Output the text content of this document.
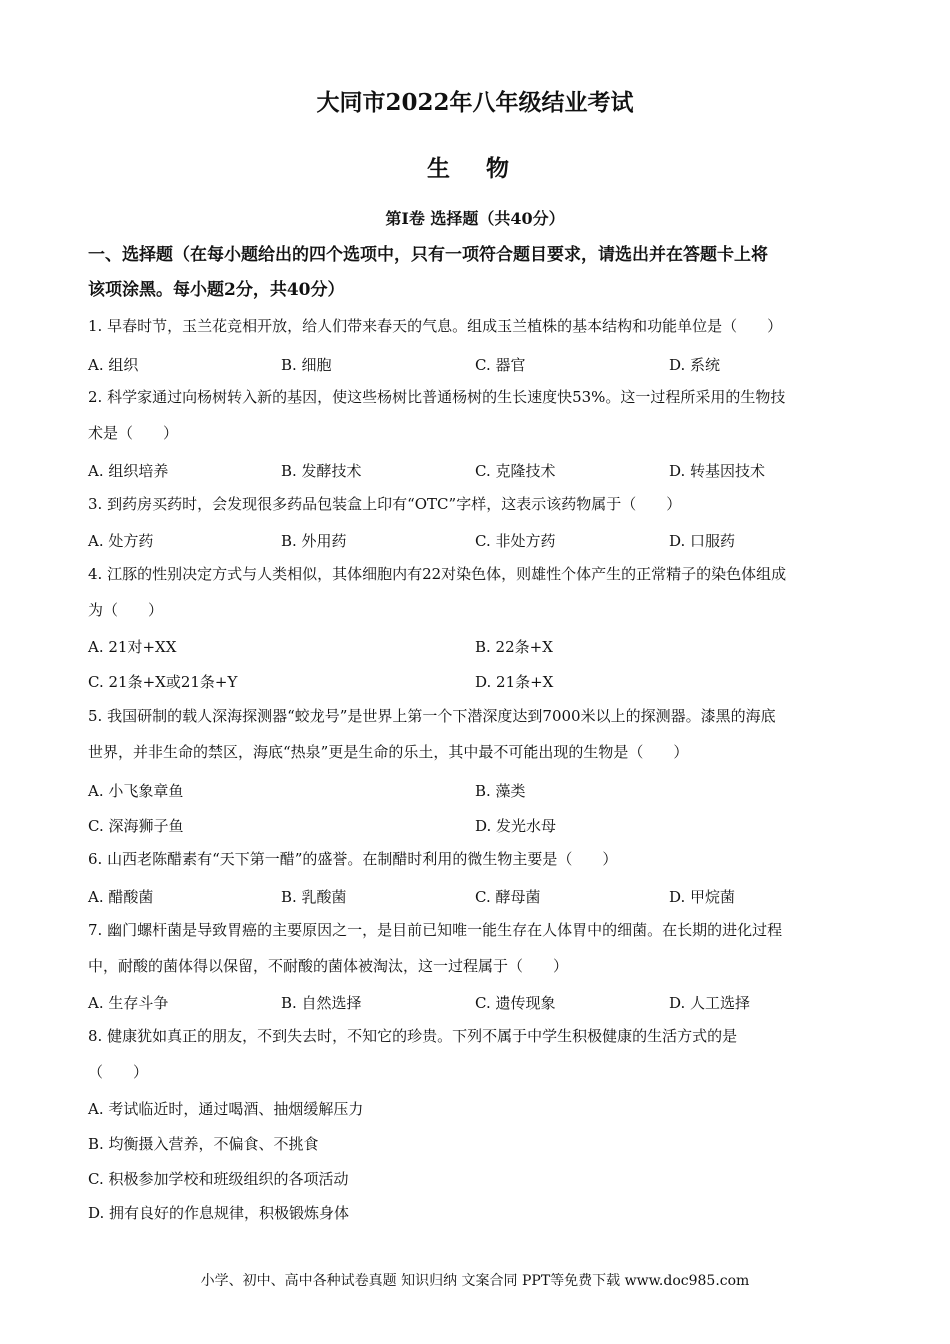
大同市2022年八年级结业考试
生 物
第Ⅰ卷 选择题（共40分）
一、选择题（在每小题给出的四个选项中，只有一项符合题目要求，请选出并在答题卡上将
该项涂黑。每小题2分，共40分）
1. 早春时节，玉兰花竞相开放，给人们带来春天的气息。组成玉兰植株的基本结构和功能单位是（　　）
A. 组织	B. 细胞	C. 器官	D. 系统
2. 科学家通过向杨树转入新的基因，使这些杨树比普通杨树的生长速度快53%。这一过程所采用的生物技
术是（　　）
A. 组织培养	B. 发酵技术	C. 克隆技术	D. 转基因技术
3. 到药房买药时，会发现很多药品包装盒上印有“OTC”字样，这表示该药物属于（　　）
A. 处方药	B. 外用药	C. 非处方药	D. 口服药
4. 江豚的性别决定方式与人类相似，其体细胞内有22对染色体，则雄性个体产生的正常精子的染色体组成
为（　　）
A. 21对+XX	B. 22条+X
C. 21条+X或21条+Y	D. 21条+X
5. 我国研制的载人深海探测器“蛟龙号”是世界上第一个下潜深度达到7000米以上的探测器。漆黑的海底
世界，并非生命的禁区，海底“热泉”更是生命的乐土，其中最不 ·可 ·能 ·出现的生物是（　　）
A. 小飞象章鱼	B. 藻类
C. 深海狮子鱼	D. 发光水母
6. 山西老陈醋素有“天下第一醋”的盛誉。在制醋时利用的微生物主要是（　　）
A. 醋酸菌	B. 乳酸菌	C. 酵母菌	D. 甲烷菌
7. 幽门螺杆菌是导致胃癌的主要原因之一，是目前已知唯一能生存在人体胃中的细菌。在长期的进化过程
中，耐酸的菌体得以保留，不耐酸的菌体被淘汰，这一过程属于（　　）
A. 生存斗争	B. 自然选择	C. 遗传现象	D. 人工选择
8. 健康犹如真正的朋友，不到失去时，不知它的珍贵。下列不 ·属 ·于 ·中学生积极健康的生活方式的是
（　　）
A. 考试临近时，通过喝酒、抽烟缓解压力
B. 均衡摄入营养，不偏食、不挑食
C. 积极参加学校和班级组织的各项活动
D. 拥有良好的作息规律，积极锻炼身体
小学、初中、高中各种试卷真题 知识归纳 文案合同 PPT等免费下载 www.doc985.com
